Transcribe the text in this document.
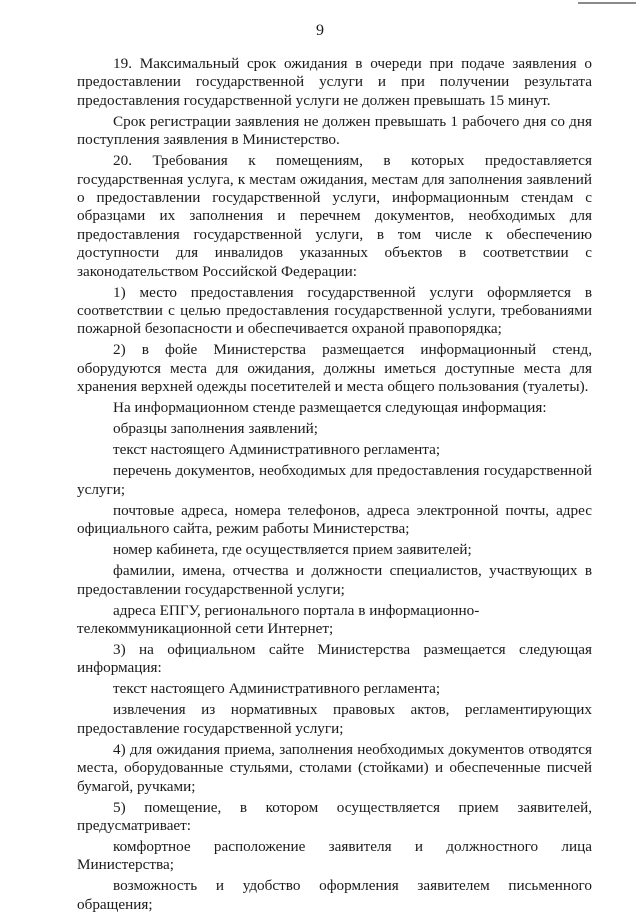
9

19. Максимальный срок ожидания в очереди при подаче заявления о предоставлении государственной услуги и при получении результата предоставления государственной услуги не должен превышать 15 минут.

Срок регистрации заявления не должен превышать 1 рабочего дня со дня поступления заявления в Министерство.

20. Требования к помещениям, в которых предоставляется государственная услуга, к местам ожидания, местам для заполнения заявлений о предоставлении государственной услуги, информационным стендам с образцами их заполнения и перечнем документов, необходимых для предоставления государственной услуги, в том числе к обеспечению доступности для инвалидов указанных объектов в соответствии с законодательством Российской Федерации:

1) место предоставления государственной услуги оформляется в соответствии с целью предоставления государственной услуги, требованиями пожарной безопасности и обеспечивается охраной правопорядка;

2) в фойе Министерства размещается информационный стенд, оборудуются места для ожидания, должны иметься доступные места для хранения верхней одежды посетителей и места общего пользования (туалеты).

На информационном стенде размещается следующая информация:

образцы заполнения заявлений;

текст настоящего Административного регламента;

перечень документов, необходимых для предоставления государственной услуги;

почтовые адреса, номера телефонов, адреса электронной почты, адрес официального сайта, режим работы Министерства;

номер кабинета, где осуществляется прием заявителей;

фамилии, имена, отчества и должности специалистов, участвующих в предоставлении государственной услуги;

адреса ЕПГУ, регионального портала в информационно-
телекоммуникационной сети Интернет;

3) на официальном сайте Министерства размещается следующая информация:

текст настоящего Административного регламента;

извлечения из нормативных правовых актов, регламентирующих предоставление государственной услуги;

4) для ожидания приема, заполнения необходимых документов отводятся места, оборудованные стульями, столами (стойками) и обеспеченные писчей бумагой, ручками;

5) помещение, в котором осуществляется прием заявителей, предусматривает:

комфортное расположение заявителя и должностного лица Министерства;

возможность и удобство оформления заявителем письменного обращения;
